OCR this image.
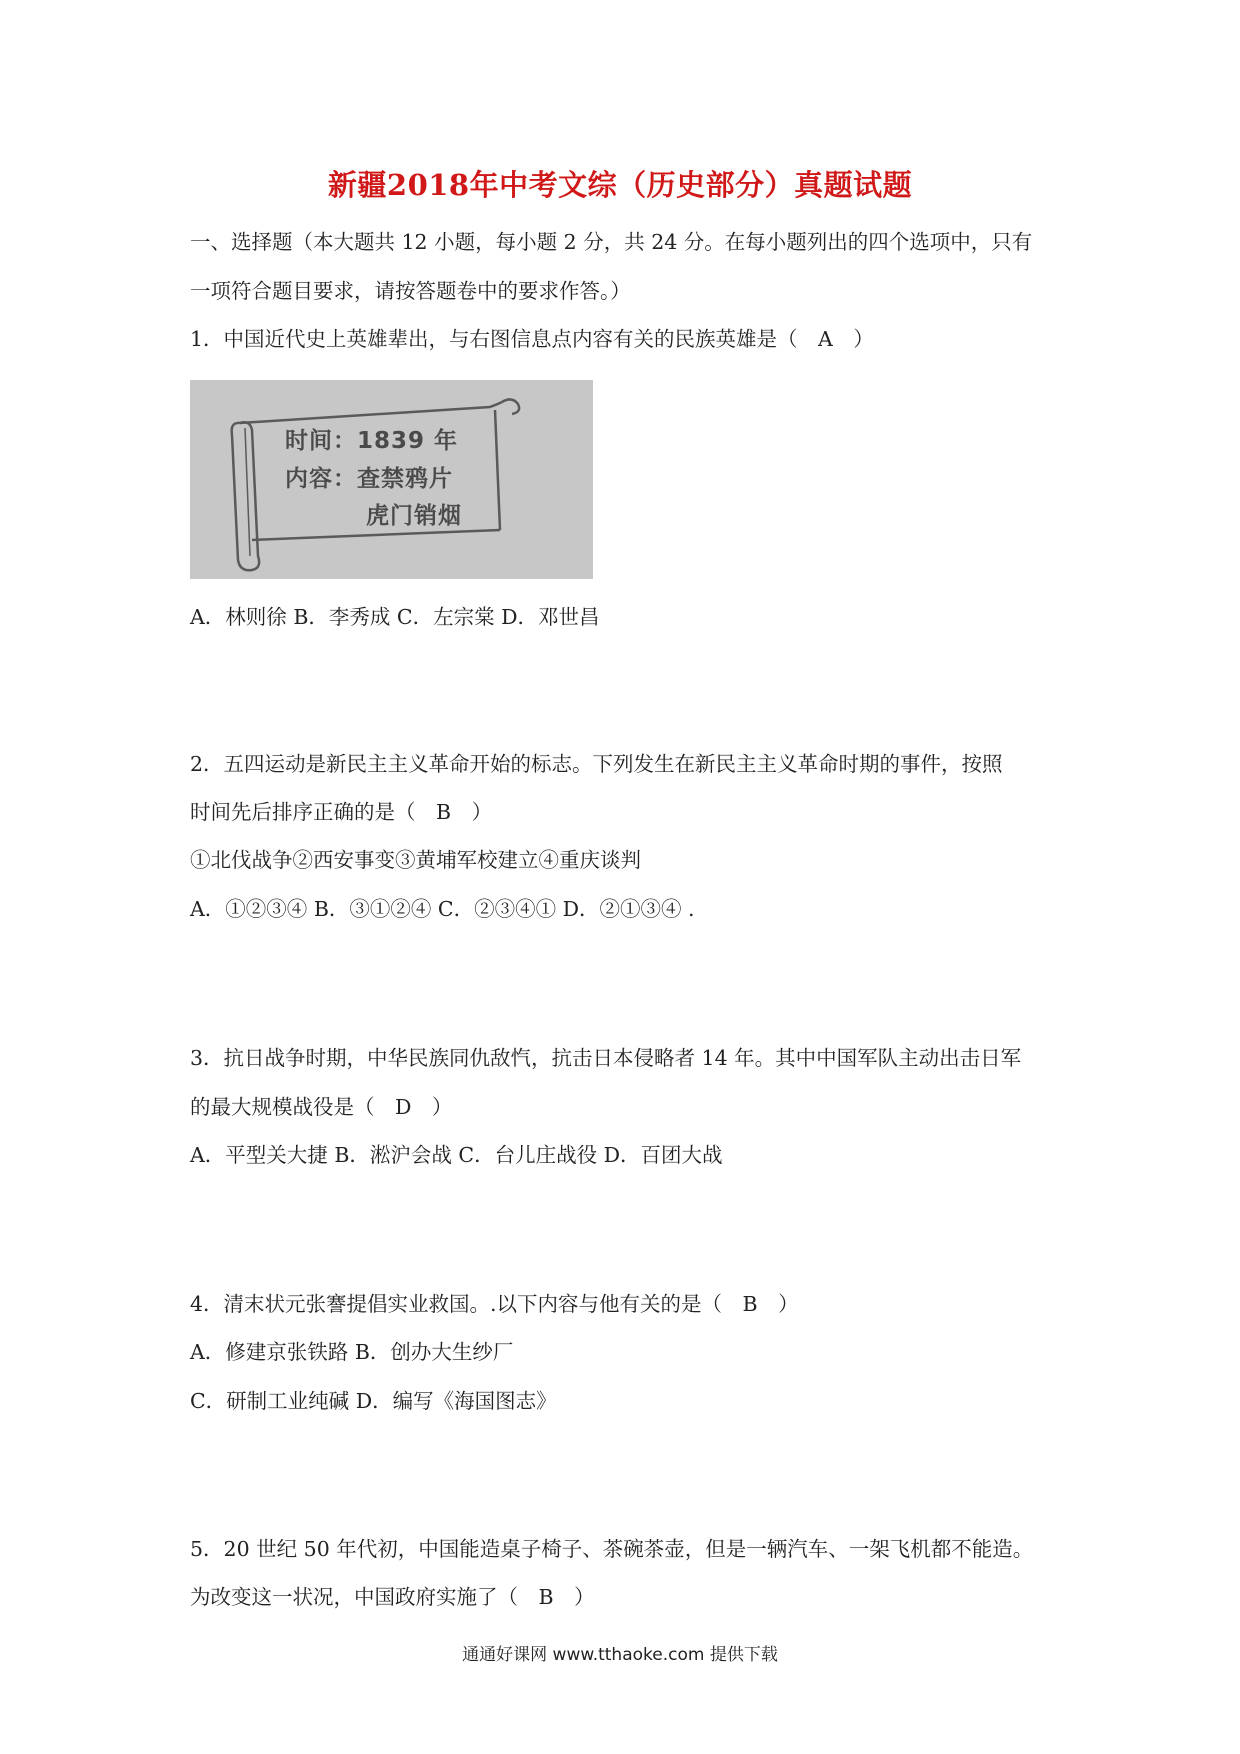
新疆2018年中考文综（历史部分）真题试题
一、选择题（本大题共 12 小题，每小题 2 分，共 24 分。在每小题列出的四个选项中，只有
一项符合题目要求，请按答题卷中的要求作答。）
1．中国近代史上英雄辈出，与右图信息点内容有关的民族英雄是（　A　）
时间：1839 年
内容：查禁鸦片
虎门销烟
A．林则徐 B．李秀成 C．左宗棠 D．邓世昌
2．五四运动是新民主主义革命开始的标志。下列发生在新民主主义革命时期的事件，按照
时间先后排序正确的是（　B　）
①北伐战争②西安事变③黄埔军校建立④重庆谈判
A．①②③④ B．③①②④ C．②③④① D．②①③④ .
3．抗日战争时期，中华民族同仇敌忾，抗击日本侵略者 14 年。其中中国军队主动出击日军
的最大规模战役是（　D　）
A．平型关大捷 B．淞沪会战 C．台儿庄战役 D．百团大战
4．清末状元张謇提倡实业救国。.以下内容与他有关的是（　B　）
A．修建京张铁路 B．创办大生纱厂
C．研制工业纯碱 D．编写《海国图志》
5．20 世纪 50 年代初，中国能造桌子椅子、茶碗茶壶，但是一辆汽车、一架飞机都不能造。
为改变这一状况，中国政府实施了（　B　）
通通好课网 www.tthaoke.com 提供下载
